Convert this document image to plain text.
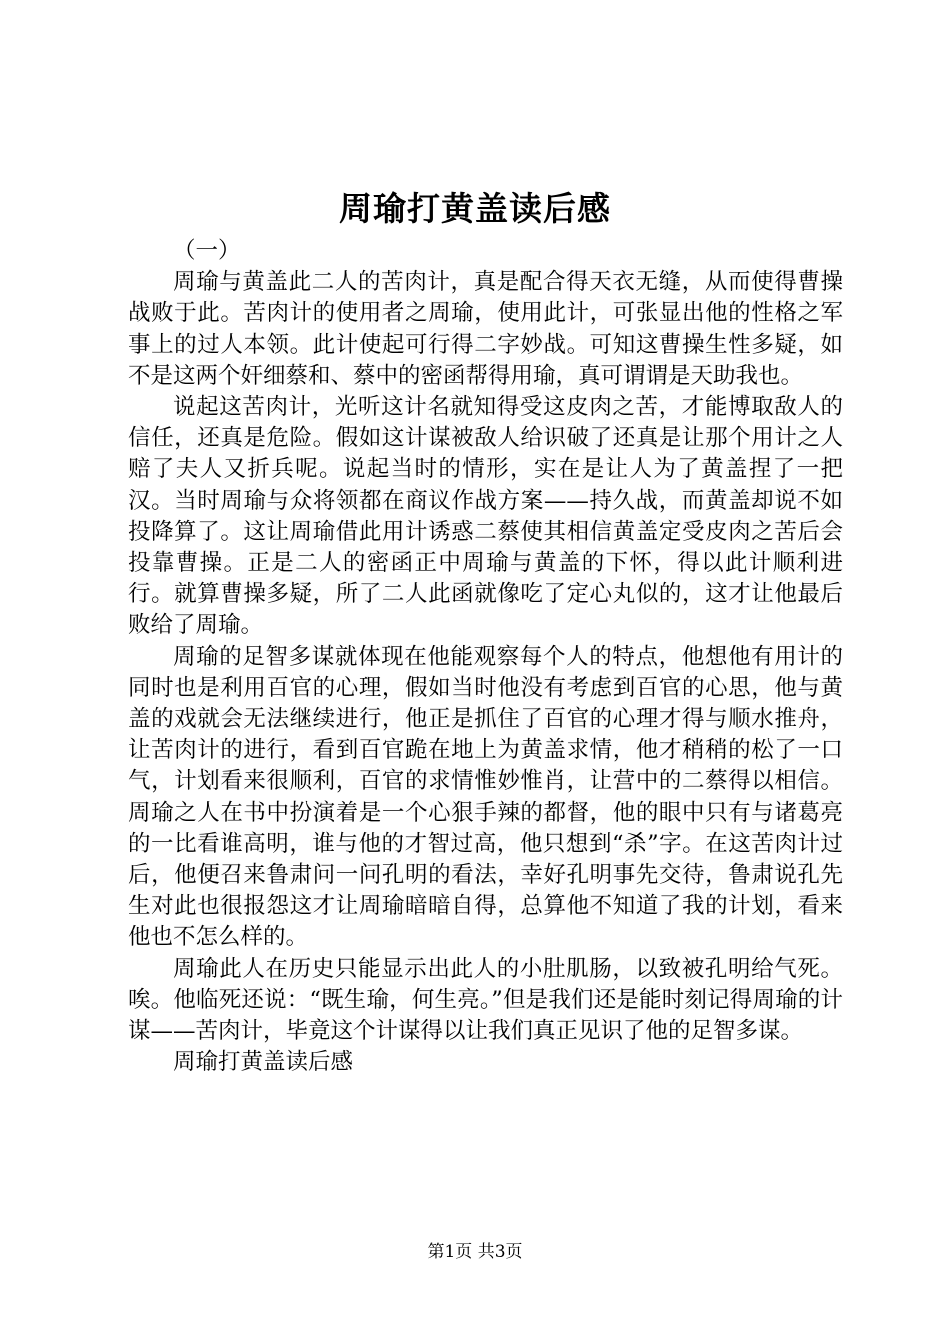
周瑜打黄盖读后感

（一）

周瑜与黄盖此二人的苦肉计，真是配合得天衣无缝，从而使得曹操战败于此。苦肉计的使用者之周瑜，使用此计，可张显出他的性格之军事上的过人本领。此计使起可行得二字妙战。可知这曹操生性多疑，如不是这两个奸细蔡和、蔡中的密函帮得用瑜，真可谓谓是天助我也。

说起这苦肉计，光听这计名就知得受这皮肉之苦，才能博取敌人的信任，还真是危险。假如这计谋被敌人给识破了还真是让那个用计之人赔了夫人又折兵呢。说起当时的情形，实在是让人为了黄盖捏了一把汉。当时周瑜与众将领都在商议作战方案——持久战，而黄盖却说不如投降算了。这让周瑜借此用计诱惑二蔡使其相信黄盖定受皮肉之苦后会投靠曹操。正是二人的密函正中周瑜与黄盖的下怀，得以此计顺利进行。就算曹操多疑，所了二人此函就像吃了定心丸似的，这才让他最后败给了周瑜。

周瑜的足智多谋就体现在他能观察每个人的特点，他想他有用计的同时也是利用百官的心理，假如当时他没有考虑到百官的心思，他与黄盖的戏就会无法继续进行，他正是抓住了百官的心理才得与顺水推舟，让苦肉计的进行，看到百官跪在地上为黄盖求情，他才稍稍的松了一口气，计划看来很顺利，百官的求情惟妙惟肖，让营中的二蔡得以相信。周瑜之人在书中扮演着是一个心狠手辣的都督，他的眼中只有与诸葛亮的一比看谁高明，谁与他的才智过高，他只想到“杀”字。在这苦肉计过后，他便召来鲁肃问一问孔明的看法，幸好孔明事先交待，鲁肃说孔先生对此也很报怨这才让周瑜暗暗自得，总算他不知道了我的计划，看来他也不怎么样的。

周瑜此人在历史只能显示出此人的小肚肌肠，以致被孔明给气死。唉。他临死还说：“既生瑜，何生亮。”但是我们还是能时刻记得周瑜的计谋——苦肉计，毕竟这个计谋得以让我们真正见识了他的足智多谋。

周瑜打黄盖读后感

第1页 共3页
